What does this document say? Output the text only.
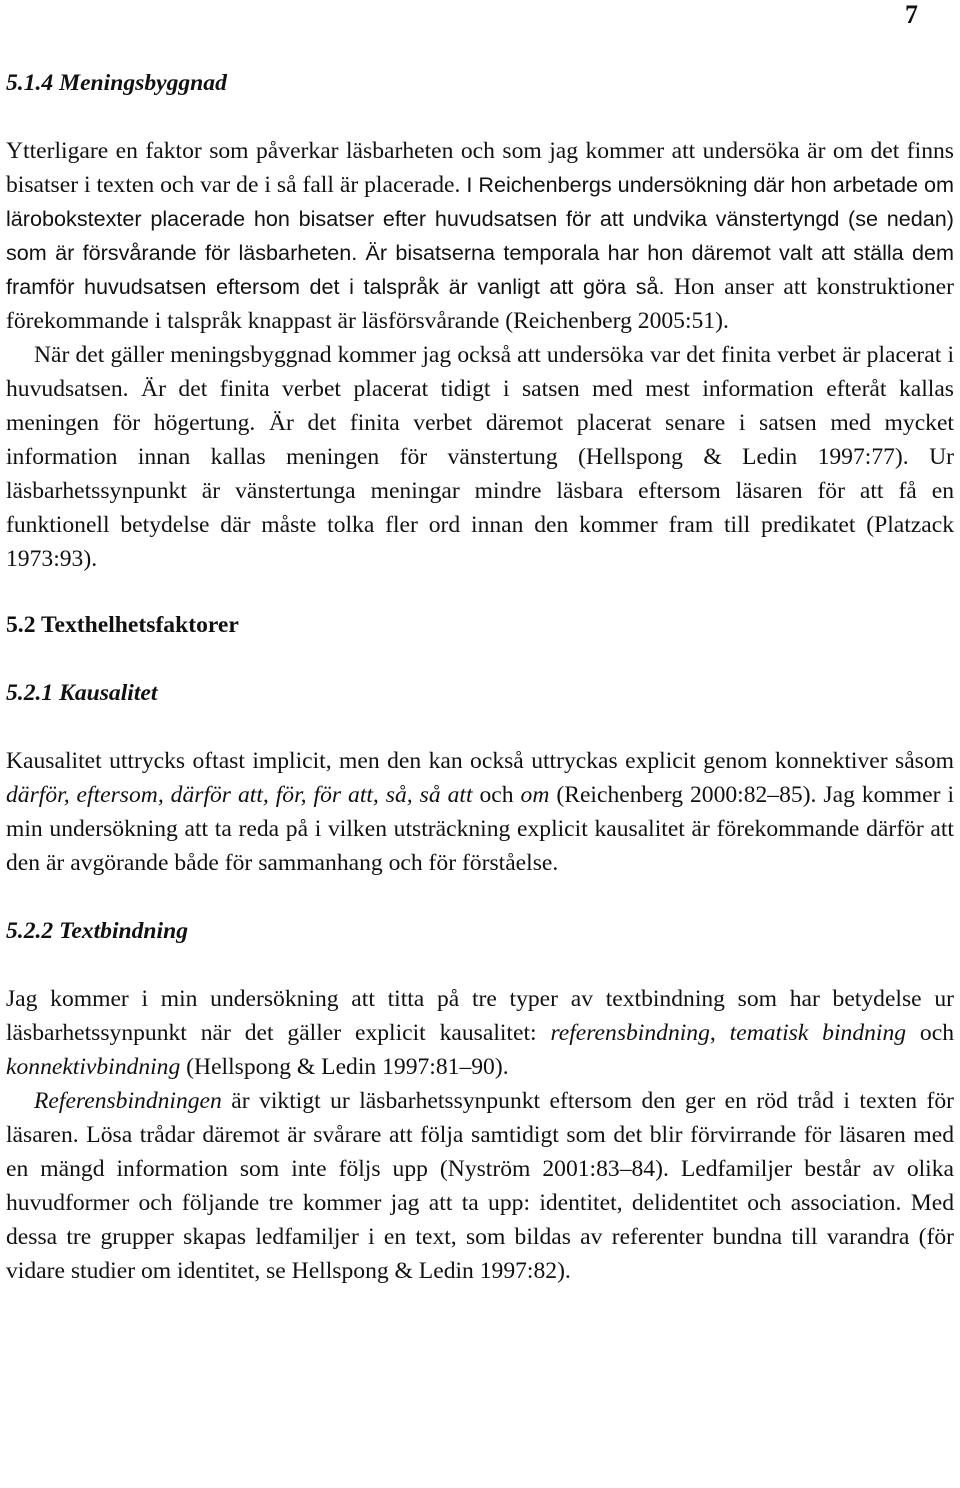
7
5.1.4 Meningsbyggnad

Ytterligare en faktor som påverkar läsbarheten och som jag kommer att undersöka är om det finns bisatser i texten och var de i så fall är placerade. I Reichenbergs undersökning där hon arbetade om lärobokstexter placerade hon bisatser efter huvudsatsen för att undvika vänstertyngd (se nedan) som är försvårande för läsbarheten. Är bisatserna temporala har hon däremot valt att ställa dem framför huvudsatsen eftersom det i talspråk är vanligt att göra så. Hon anser att konstruktioner förekommande i talspråk knappast är läsförsvårande (Reichenberg 2005:51).

När det gäller meningsbyggnad kommer jag också att undersöka var det finita verbet är placerat i huvudsatsen. Är det finita verbet placerat tidigt i satsen med mest information efteråt kallas meningen för högertung. Är det finita verbet däremot placerat senare i satsen med mycket information innan kallas meningen för vänstertung (Hellspong & Ledin 1997:77). Ur läsbarhetssynpunkt är vänstertunga meningar mindre läsbara eftersom läsaren för att få en funktionell betydelse där måste tolka fler ord innan den kommer fram till predikatet (Platzack 1973:93).

5.2 Texthelhetsfaktorer
5.2.1 Kausalitet

Kausalitet uttrycks oftast implicit, men den kan också uttryckas explicit genom konnektiver såsom därför, eftersom, därför att, för, för att, så, så att och om (Reichenberg 2000:82–85). Jag kommer i min undersökning att ta reda på i vilken utsträckning explicit kausalitet är förekommande därför att den är avgörande både för sammanhang och för förståelse.

5.2.2 Textbindning

Jag kommer i min undersökning att titta på tre typer av textbindning som har betydelse ur läsbarhetssynpunkt när det gäller explicit kausalitet: referensbindning, tematisk bindning och konnektivbindning (Hellspong & Ledin 1997:81–90).

Referensbindningen är viktigt ur läsbarhetssynpunkt eftersom den ger en röd tråd i texten för läsaren. Lösa trådar däremot är svårare att följa samtidigt som det blir förvirrande för läsaren med en mängd information som inte följs upp (Nyström 2001:83–84). Ledfamiljer består av olika huvudformer och följande tre kommer jag att ta upp: identitet, delidentitet och association. Med dessa tre grupper skapas ledfamiljer i en text, som bildas av referenter bundna till varandra (för vidare studier om identitet, se Hellspong & Ledin 1997:82).
